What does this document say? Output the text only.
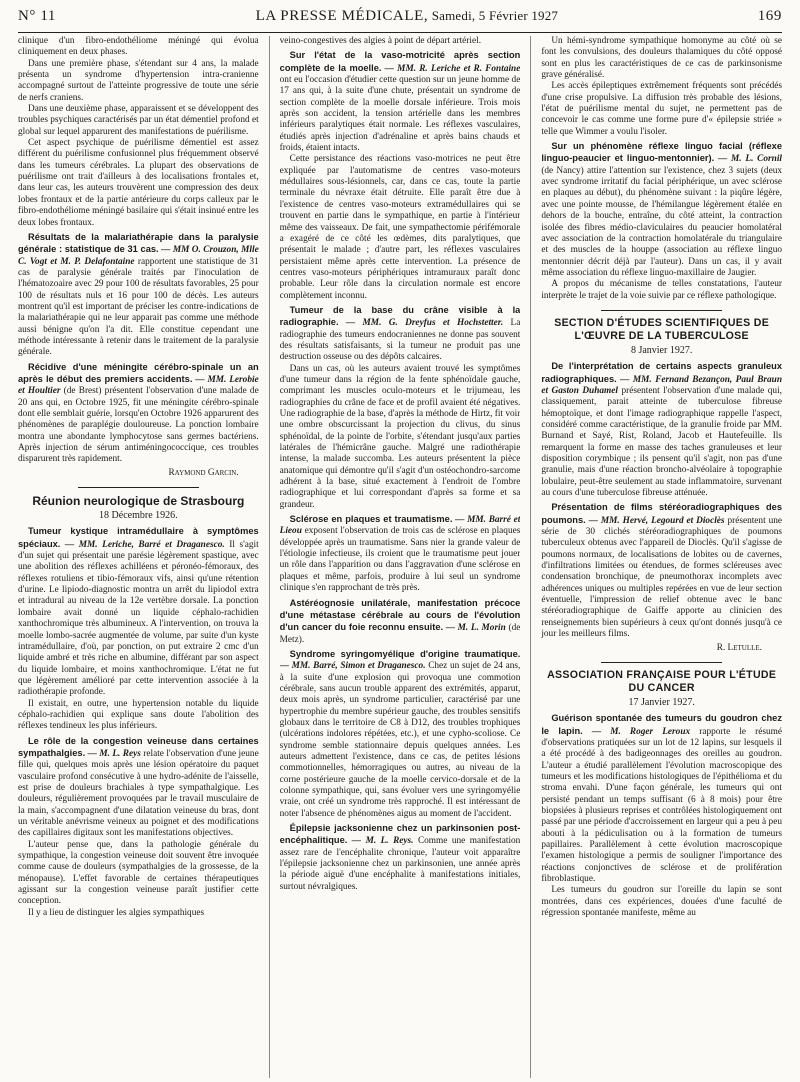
N° 11	LA PRESSE MÉDICALE, Samedi, 5 Février 1927	169

clinique d'un fibro-endothéliome méningé qui évolua cliniquement en deux phases.

Dans une première phase, s'étendant sur 4 ans, la malade présenta un syndrome d'hypertension intra-cranienne accompagné surtout de l'atteinte progressive de toute une série de nerfs craniens.

Dans une deuxième phase, apparaissent et se développent des troubles psychiques caractérisés par un état démentiel profond et global sur lequel apparurent des manifestations de puérilisme.

Cet aspect psychique de puérilisme démentiel est assez différent du puérilisme confusionnel plus fréquemment observé dans les tumeurs cérébrales. La plupart des observations de puérilisme ont trait d'ailleurs à des localisations frontales et, dans leur cas, les auteurs trouvèrent une compression des deux lobes frontaux et de la partie antérieure du corps calleux par le fibro-endothéliome méningé basilaire qui s'était insinué entre les deux lobes frontaux.

Résultats de la malariathérapie dans la paralysie générale : statistique de 31 cas. — MM O. Crouzon, Mlle C. Vogt et M. P. Delafontaine rapportent une statistique de 31 cas de paralysie générale traités par l'inoculation de l'hématozoaire avec 29 pour 100 de résultats favorables, 25 pour 100 de résultats nuls et 16 pour 100 de décès. Les auteurs montrent qu'il est important de préciser les contre-indications de la malariathérapie qui ne leur apparait pas comme une méthode aussi bénigne qu'on l'a dit. Elle constitue cependant une méthode intéressante à retenir dans le traitement de la paralysie générale.

Récidive d'une méningite cérébro-spinale un an après le début des premiers accidents. — MM. Lerobie et Houltier (de Brest) présentent l'observation d'une malade de 20 ans qui, en Octobre 1925, fit une méningite cérébro-spinale dont elle semblait guérie, lorsqu'en Octobre 1926 apparurent des phénomènes de paraplégie douloureuse. La ponction lombaire montra une abondante lymphocytose sans germes bactériens. Après injection de sérum antiméningococcique, ces troubles disparurent très rapidement.

Raymond Garcin.
Réunion neurologique de Strasbourg
18 Décembre 1926.

Tumeur kystique intramédullaire à symptômes spéciaux. — MM. Leriche, Barré et Draganesco. Il s'agit d'un sujet qui présentait une parésie légèrement spastique, avec une abolition des réflexes achilléens et péronéo-fémoraux, des réflexes rotuliens et tibio-fémoraux vifs, ainsi qu'une rétention d'urine. Le lipiodo-diagnostic montra un arrêt du lipiodol extra et intradural au niveau de la 12e vertèbre dorsale. La ponction lombaire avait donné un liquide céphalo-rachidien xanthochromique très albumineux. A l'intervention, on trouva la moelle lombo-sacrée augmentée de volume, par suite d'un kyste intramédullaire, d'où, par ponction, on put extraire 2 cmc d'un liquide ambré et très riche en albumine, différant par son aspect du liquide lombaire, et moins xanthochromique. L'état ne fut que légèrement amélioré par cette intervention associée à la radiothérapie profonde.

Il existait, en outre, une hypertension notable du liquide céphalo-rachidien qui explique sans doute l'abolition des réflexes tendineux les plus inférieurs.

Le rôle de la congestion veineuse dans certaines sympathalgies. — M. L. Reys relate l'observation d'une jeune fille qui, quelques mois après une lésion opératoire du paquet vasculaire profond consécutive à une hydro-adénite de l'aisselle, est prise de douleurs brachiales à type sympathalgique. Les douleurs, régulièrement provoquées par le travail musculaire de la main, s'accompagnent d'une dilatation veineuse du bras, dont un véritable anévrisme veineux au poignet et des modifications des capillaires digitaux sont les manifestations objectives.

L'auteur pense que, dans la pathologie générale du sympathique, la congestion veineuse doit souvent être invoquée comme cause de douleurs (sympathalgies de la grossesse, de la ménopause). L'effet favorable de certaines thérapeutiques agissant sur la congestion veineuse paraît justifier cette conception.

Il y a lieu de distinguer les algies sympathiques

veino-congestives des algies à point de départ artériel.

Sur l'état de la vaso-motricité après section complète de la moelle. — MM. R. Leriche et R. Fontaine ont eu l'occasion d'étudier cette question sur un jeune homme de 17 ans qui, à la suite d'une chute, présentait un syndrome de section complète de la moelle dorsale inférieure. Trois mois après son accident, la tension artérielle dans les membres inférieurs paralytiques était normale. Les réflexes vasculaires, étudiés après injection d'adrénaline et après bains chauds et froids, étaient intacts.

Cette persistance des réactions vaso-motrices ne peut être expliquée par l'automatisme de centres vaso-moteurs médullaires sous-lésionnels, car, dans ce cas, toute la partie terminale du névraxe était détruite. Elle paraît être due à l'existence de centres vaso-moteurs extramédullaires qui se trouvent en partie dans le sympathique, en partie à l'intérieur même des vaisseaux. De fait, une sympathectomie périfémorale a exagéré de ce côté les œdèmes, dits paralytiques, que présentait le malade ; d'autre part, les réflexes vasculaires persistaient même après cette intervention. La présence de centres vaso-moteurs périphériques intramuraux paraît donc probable. Leur rôle dans la circulation normale est encore complètement inconnu.

Tumeur de la base du crâne visible à la radiographie. — MM. G. Dreyfus et Hochstetter. La radiographie des tumeurs endocraniennes ne donne pas souvent des résultats satisfaisants, si la tumeur ne produit pas une destruction osseuse ou des dépôts calcaires.

Dans un cas, où les auteurs avaient trouvé les symptômes d'une tumeur dans la région de la fente sphénoïdale gauche, comprimant les muscles oculo-moteurs et le trijumeau, les radiographies du crâne de face et de profil avaient été négatives. Une radiographie de la base, d'après la méthode de Hirtz, fit voir une ombre obscurcissant la projection du clivus, du sinus sphénoïdal, de la pointe de l'orbite, s'étendant jusqu'aux parties latérales de l'hémicrâne gauche. Malgré une radiothérapie intense, la malade succomba. Les auteurs présentent la pièce anatomique qui démontre qu'il s'agit d'un ostéochondro-sarcome adhérent à la base, situé exactement à l'endroit de l'ombre radiographique et lui correspondant d'après sa forme et sa grandeur.

Sclérose en plaques et traumatisme. — MM. Barré et Lieou exposent l'observation de trois cas de sclérose en plaques développée après un traumatisme. Sans nier la grande valeur de l'étiologie infectieuse, ils croient que le traumatisme peut jouer un rôle dans l'apparition ou dans l'aggravation d'une sclérose en plaques et même, parfois, produire à lui seul un syndrome clinique s'en rapprochant de très près.

Astéréognosie unilatérale, manifestation précoce d'une métastase cérébrale au cours de l'évolution d'un cancer du foie reconnu ensuite. — M. L. Morin (de Metz).

Syndrome syringomyélique d'origine traumatique. — MM. Barré, Simon et Draganesco. Chez un sujet de 24 ans, à la suite d'une explosion qui provoqua une commotion cérébrale, sans aucun trouble apparent des extrémités, apparut, deux mois après, un syndrome particulier, caractérisé par une hypertrophie du membre supérieur gauche, des troubles sensitifs globaux dans le territoire de C8 à D12, des troubles trophiques (ulcérations indolores répétées, etc.), et une cypho-scoliose. Ce syndrome semble stationnaire depuis quelques années. Les auteurs admettent l'existence, dans ce cas, de petites lésions commotionnelles, hémorragiques ou autres, au niveau de la corne postérieure gauche de la moelle cervico-dorsale et de la colonne sympathique, qui, sans évoluer vers une syringomyélie vraie, ont créé un syndrome très rapproché. Il est intéressant de noter l'absence de phénomènes aigus au moment de l'accident.

Épilepsie jacksonienne chez un parkinsonien post-encéphalitique. — M. L. Reys. Comme une manifestation assez rare de l'encéphalite chronique, l'auteur voit apparaître l'épilepsie jacksonienne chez un parkinsonien, une année après la période aiguë d'une encéphalite à manifestations initiales, surtout névralgiques.

Un hémi-syndrome sympathique homonyme au côté où se font les convulsions, des douleurs thalamiques du côté opposé sont en plus les caractéristiques de ce cas de parkinsonisme grave généralisé.

Les accès épileptiques extrêmement fréquents sont précédés d'une crise propulsive. La diffusion très probable des lésions, l'état de puérilisme mental du sujet, ne permettent pas de concevoir le cas comme une forme pure d'« épilepsie striée » telle que Wimmer a voulu l'isoler.

Sur un phénomène réflexe linguo facial (réflexe linguo-peaucier et linguo-mentonnier). — M. L. Cornil (de Nancy) attire l'attention sur l'existence, chez 3 sujets (deux avec syndrome irritatif du facial périphérique, un avec sclérose en plaques au début), du phénomène suivant : la piqûre légère, avec une pointe mousse, de l'hémilangue légèrement étalée en dehors de la bouche, entraîne, du côté atteint, la contraction isolée des fibres médio-claviculaires du peaucier homolatéral avec association de la contraction homolatérale du triangulaire et des muscles de la houppe (association au réflexe linguo mentonnier décrit déjà par l'auteur). Dans un cas, il y avait même association du réflexe linguo-maxillaire de Jaugier.

A propos du mécanisme de telles constatations, l'auteur interprète le trajet de la voie suivie par ce réflexe pathologique.

SECTION D'ÉTUDES SCIENTIFIQUES DE L'ŒUVRE DE LA TUBERCULOSE
8 Janvier 1927.

De l'interprétation de certains aspects granuleux radiographiques. — MM. Fernand Bezançon, Paul Braun et Gaston Duhamel présentent l'observation d'une malade qui, classiquement, parait atteinte de tuberculose fibreuse hémoptoïque, et dont l'image radiographique rappelle l'aspect, considéré comme caractéristique, de la granulie froide par MM. Burnand et Sayé, Rist, Roland, Jacob et Hautefeuille. Ils remarquent la forme en masse des taches granuleuses et leur disposition corymbique ; ils pensent qu'il s'agit, non pas d'une granulie, mais d'une réaction broncho-alvéolaire à topographie lobulaire, peut-être seulement au stade inflammatoire, survenant au cours d'une tuberculose fibreuse atténuée.

Présentation de films stéréoradiographiques des poumons. — MM. Hervé, Legourd et Dioclès présentent une série de 30 clichés stéréoradiographiques de poumons tuberculeux obtenus avec l'appareil de Dioclès. Qu'il s'agisse de poumons normaux, de localisations de lobites ou de cavernes, d'infiltrations limitées ou étendues, de formes scléreuses avec condensation bronchique, de pneumothorax incomplets avec adhérences uniques ou multiples repérées en vue de leur section éventuelle, l'impression de relief obtenue avec le banc stéréoradiographique de Gaiffe apporte au clinicien des renseignements bien supérieurs à ceux qu'ont donnés jusqu'à ce jour les meilleurs films.

R. Letulle.
ASSOCIATION FRANÇAISE POUR L'ÉTUDE DU CANCER
17 Janvier 1927.

Guérison spontanée des tumeurs du goudron chez le lapin. — M. Roger Leroux rapporte le résumé d'observations pratiquées sur un lot de 12 lapins, sur lesquels il a été procédé à des badigeonnages des oreilles au goudron. L'auteur a étudié parallèlement l'évolution macroscopique des tumeurs et les modifications histologiques de l'épithélioma et du stroma envahi. D'une façon générale, les tumeurs qui ont persisté pendant un temps suffisant (6 à 8 mois) pour être biopsiées à plusieurs reprises et contrôlées histologiquement ont passé par une période d'accroissement en largeur qui a peu à peu abouti à la pédiculisation ou à la formation de tumeurs papillaires. Parallèlement à cette évolution macroscopique l'examen histologique a permis de souligner l'importance des réactions conjonctives de sclérose et de prolifération fibroblastique.

Les tumeurs du goudron sur l'oreille du lapin se sont montrées, dans ces expériences, douées d'une faculté de régression spontanée manifeste, même au
